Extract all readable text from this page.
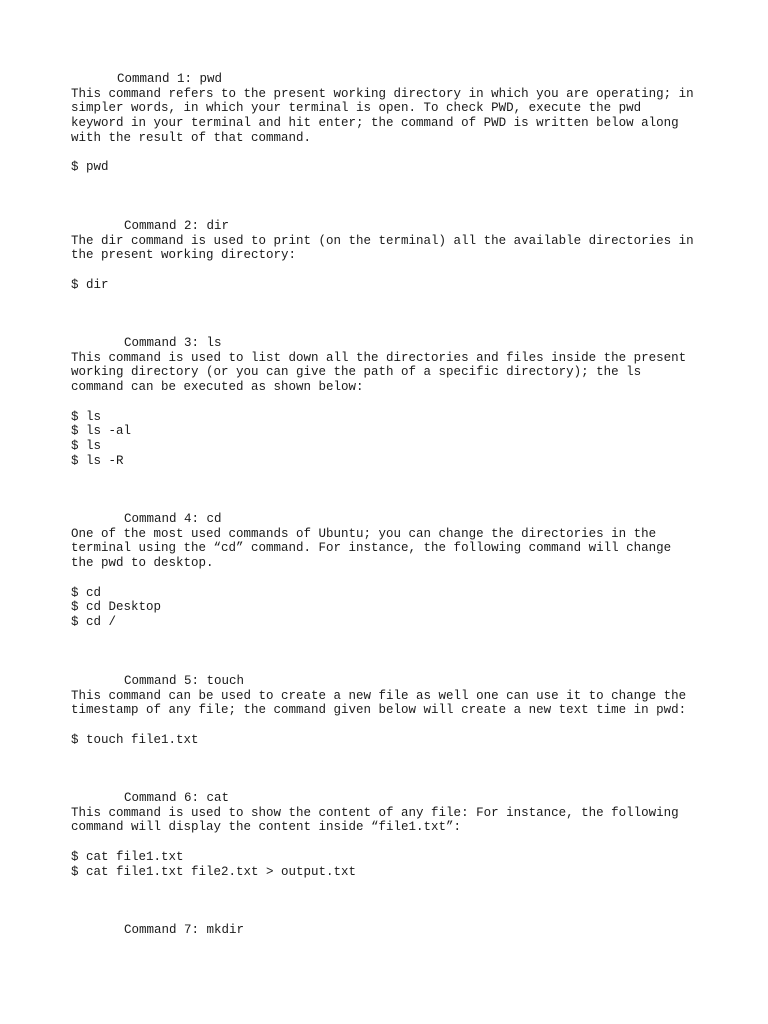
Command 1: pwd
This command refers to the present working directory in which you are operating; in
simpler words, in which your terminal is open. To check PWD, execute the pwd
keyword in your terminal and hit enter; the command of PWD is written below along
with the result of that command.
$ pwd
Command 2: dir
The dir command is used to print (on the terminal) all the available directories in
the present working directory:
$ dir
Command 3: ls
This command is used to list down all the directories and files inside the present
working directory (or you can give the path of a specific directory); the ls
command can be executed as shown below:
$ ls
$ ls -al
$ ls
$ ls -R
Command 4: cd
One of the most used commands of Ubuntu; you can change the directories in the
terminal using the “cd” command. For instance, the following command will change
the pwd to desktop.
$ cd
$ cd Desktop
$ cd /
Command 5: touch
This command can be used to create a new file as well one can use it to change the
timestamp of any file; the command given below will create a new text time in pwd:
$ touch file1.txt
Command 6: cat
This command is used to show the content of any file: For instance, the following
command will display the content inside “file1.txt”:
$ cat file1.txt
$ cat file1.txt file2.txt > output.txt
Command 7: mkdir
